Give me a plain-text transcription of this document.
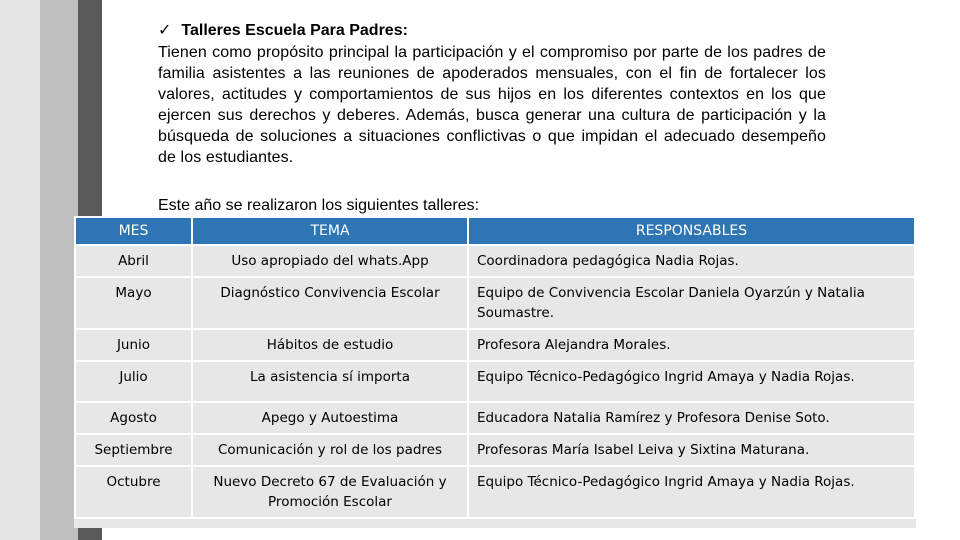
✓ Talleres Escuela Para Padres:

Tienen como propósito principal la participación y el compromiso por parte de los padres de familia asistentes a las reuniones de apoderados mensuales, con el fin de fortalecer los valores, actitudes y comportamientos de sus hijos en los diferentes contextos en los que ejercen sus derechos y deberes. Además, busca generar una cultura de participación y la búsqueda de soluciones a situaciones conflictivas o que impidan el adecuado desempeño de los estudiantes.

Este año se realizaron los siguientes talleres:

MES	TEMA	RESPONSABLES
Abril	Uso apropiado del whats.App	Coordinadora pedagógica Nadia Rojas.
Mayo	Diagnóstico Convivencia Escolar	Equipo de Convivencia Escolar Daniela Oyarzún y Natalia Soumastre.
Junio	Hábitos de estudio	Profesora Alejandra Morales.
Julio	La asistencia sí importa	Equipo Técnico-Pedagógico Ingrid Amaya y Nadia Rojas.
Agosto	Apego y Autoestima	Educadora Natalia Ramírez y Profesora Denise Soto.
Septiembre	Comunicación y rol de los padres	Profesoras María Isabel Leiva y Sixtina Maturana.
Octubre	Nuevo Decreto 67 de Evaluación y Promoción Escolar	Equipo Técnico-Pedagógico Ingrid Amaya y Nadia Rojas.
